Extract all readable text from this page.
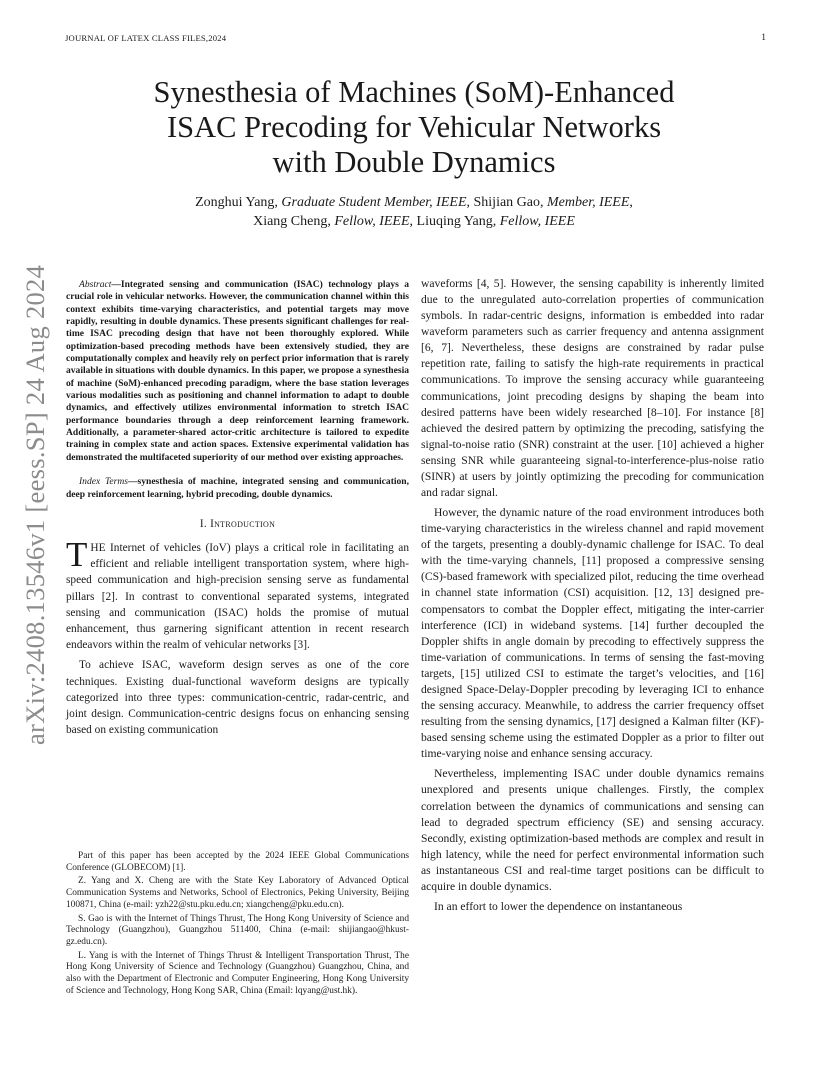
JOURNAL OF LATEX CLASS FILES,2024	1
arXiv:2408.13546v1 [eess.SP] 24 Aug 2024
Synesthesia of Machines (SoM)-Enhanced
ISAC Precoding for Vehicular Networks
with Double Dynamics
Zonghui Yang, Graduate Student Member, IEEE, Shijian Gao, Member, IEEE,
Xiang Cheng, Fellow, IEEE, Liuqing Yang, Fellow, IEEE

Abstract—Integrated sensing and communication (ISAC) technology plays a crucial role in vehicular networks. However, the communication channel within this context exhibits time-varying characteristics, and potential targets may move rapidly, resulting in double dynamics. These presents significant challenges for real-time ISAC precoding design that have not been thoroughly explored. While optimization-based precoding methods have been extensively studied, they are computationally complex and heavily rely on perfect prior information that is rarely available in situations with double dynamics. In this paper, we propose a synesthesia of machine (SoM)-enhanced precoding paradigm, where the base station leverages various modalities such as positioning and channel information to adapt to double dynamics, and effectively utilizes environmental information to stretch ISAC performance boundaries through a deep reinforcement learning framework. Additionally, a parameter-shared actor-critic architecture is tailored to expedite training in complex state and action spaces. Extensive experimental validation has demonstrated the multifaceted superiority of our method over existing approaches.

Index Terms—synesthesia of machine, integrated sensing and communication, deep reinforcement learning, hybrid precoding, double dynamics.

I. Introduction

THE Internet of vehicles (IoV) plays a critical role in facilitating an efficient and reliable intelligent transportation system, where high-speed communication and high-precision sensing serve as fundamental pillars [2]. In contrast to conventional separated systems, integrated sensing and communication (ISAC) holds the promise of mutual enhancement, thus garnering significant attention in recent research endeavors within the realm of vehicular networks [3].

To achieve ISAC, waveform design serves as one of the core techniques. Existing dual-functional waveform designs are typically categorized into three types: communication-centric, radar-centric, and joint design. Communication-centric designs focus on enhancing sensing based on existing communication

Part of this paper has been accepted by the 2024 IEEE Global Communications Conference (GLOBECOM) [1].

Z. Yang and X. Cheng are with the State Key Laboratory of Advanced Optical Communication Systems and Networks, School of Electronics, Peking University, Beijing 100871, China (e-mail: yzh22@stu.pku.edu.cn; xiangcheng@pku.edu.cn).

S. Gao is with the Internet of Things Thrust, The Hong Kong University of Science and Technology (Guangzhou), Guangzhou 511400, China (e-mail: shijiangao@hkust-gz.edu.cn).

L. Yang is with the Internet of Things Thrust & Intelligent Transportation Thrust, The Hong Kong University of Science and Technology (Guangzhou) Guangzhou, China, and also with the Department of Electronic and Computer Engineering, Hong Kong University of Science and Technology, Hong Kong SAR, China (Email: lqyang@ust.hk).

waveforms [4, 5]. However, the sensing capability is inherently limited due to the unregulated auto-correlation properties of communication symbols. In radar-centric designs, information is embedded into radar waveform parameters such as carrier frequency and antenna assignment [6, 7]. Nevertheless, these designs are constrained by radar pulse repetition rate, failing to satisfy the high-rate requirements in practical communications. To improve the sensing accuracy while guaranteeing communications, joint precoding designs by shaping the beam into desired patterns have been widely researched [8–10]. For instance [8] achieved the desired pattern by optimizing the precoding, satisfying the signal-to-noise ratio (SNR) constraint at the user. [10] achieved a higher sensing SNR while guaranteeing signal-to-interference-plus-noise ratio (SINR) at users by jointly optimizing the precoding for communication and radar signal.

However, the dynamic nature of the road environment introduces both time-varying characteristics in the wireless channel and rapid movement of the targets, presenting a doubly-dynamic challenge for ISAC. To deal with the time-varying channels, [11] proposed a compressive sensing (CS)-based framework with specialized pilot, reducing the time overhead in channel state information (CSI) acquisition. [12, 13] designed pre-compensators to combat the Doppler effect, mitigating the inter-carrier interference (ICI) in wideband systems. [14] further decoupled the Doppler shifts in angle domain by precoding to effectively suppress the time-variation of communications. In terms of sensing the fast-moving targets, [15] utilized CSI to estimate the target’s velocities, and [16] designed Space-Delay-Doppler precoding by leveraging ICI to enhance the sensing accuracy. Meanwhile, to address the carrier frequency offset resulting from the sensing dynamics, [17] designed a Kalman filter (KF)-based sensing scheme using the estimated Doppler as a prior to filter out time-varying noise and enhance sensing accuracy.

Nevertheless, implementing ISAC under double dynamics remains unexplored and presents unique challenges. Firstly, the complex correlation between the dynamics of communications and sensing can lead to degraded spectrum efficiency (SE) and sensing accuracy. Secondly, existing optimization-based methods are complex and result in high latency, while the need for perfect environmental information such as instantaneous CSI and real-time target positions can be difficult to acquire in double dynamics.

In an effort to lower the dependence on instantaneous
